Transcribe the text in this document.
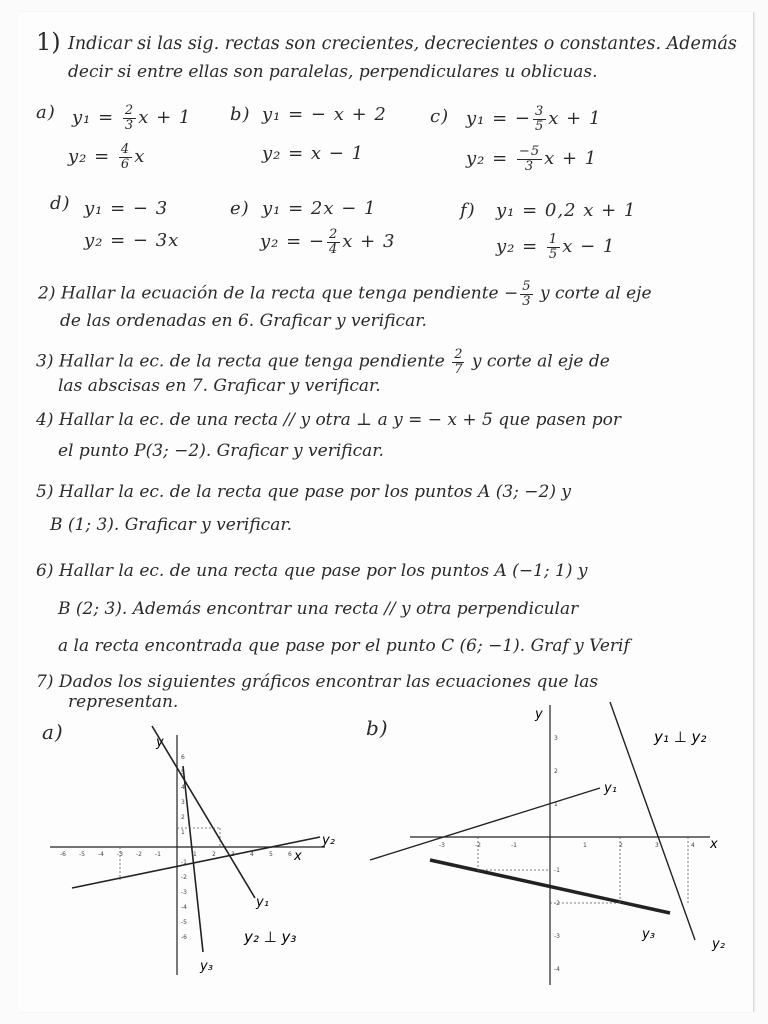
1) Indicar si las sig. rectas son crecientes, decrecientes o constantes. Además
decir si entre ellas son paralelas, perpendiculares u oblicuas.
a) $y_1 = \frac{2}{3}$ x + 1
$y_2 = \frac{4}{6}$ x
b) y₁ = − x + 2
y₂ = x − 1
c) y₁ = − $\frac{3}{5}$ x + 1
$y_2 = \frac{-5}{3}$ x + 1
d) y₁ = − 3
y₂ = − 3x
e) y₁ = 2x − 1
y₂ = − $\frac{2}{4}$ x + 3
f) y₁ = 0,2 x + 1
$y_2 = \frac{1}{5}$ x − 1
2) Hallar la ecuación de la recta que tenga pendiente − $\frac{5}{3}$ y corte al eje
de las ordenadas en 6. Graficar y verificar.
3) Hallar la ec. de la recta que tenga pendiente $\frac{2}{7}$ y corte al eje de
las abscisas en 7. Graficar y verificar.
4) Hallar la ec. de una recta // y otra ⊥ a y = − x + 5 que pasen por
el punto P(3; −2). Graficar y verificar.
5) Hallar la ec. de la recta que pase por los puntos A (3; −2) y
B (1; 3). Graficar y verificar.
6) Hallar la ec. de una recta que pase por los puntos A (−1; 1) y
B (2; 3). Además encontrar una recta // y otra perpendicular
a la recta encontrada que pase por el punto C (6; −1). Graf y Verif
7) Dados los siguientes gráficos encontrar las ecuaciones que las
representan.
a)
-6 -5 -4 -3 -2 -1	1	2	3	4	5	6
6
5
4
3
2
1
-1
-2
-3
-4
-5
-6
y
x
y₁
y₂
y₃
y₂ ⊥ y₃
b)
-3	-2	-1	1	2	3	4
3
2
1
-1
-2
-3
-4
y
x
y₁
y₂
y₃
y₁ ⊥ y₂
